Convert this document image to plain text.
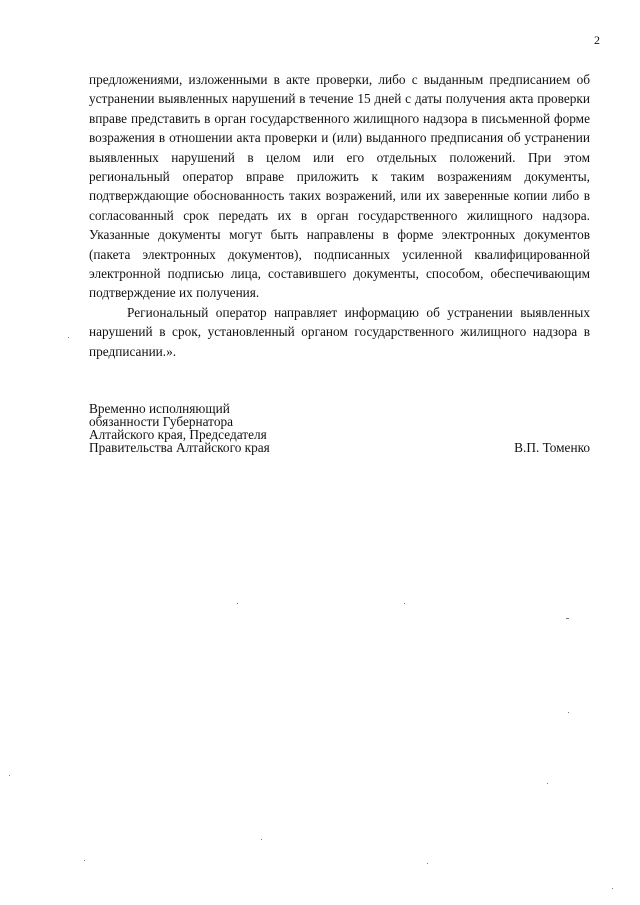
2

предложениями, изложенными в акте проверки, либо с выданным предписанием об устранении выявленных нарушений в течение 15 дней с даты получения акта проверки вправе представить в орган государственного жилищного надзора в письменной форме возражения в отношении акта проверки и (или) выданного предписания об устранении выявленных нарушений в целом или его отдельных положений. При этом региональный оператор вправе приложить к таким возражениям документы, подтверждающие обоснованность таких возражений, или их заверенные копии либо в согласованный срок передать их в орган государственного жилищного надзора. Указанные документы могут быть направлены в форме электронных документов (пакета электронных документов), подписанных усиленной квалифицированной электронной подписью лица, составившего документы, способом, обеспечивающим подтверждение их получения.

Региональный оператор направляет информацию об устранении выявленных нарушений в срок, установленный органом государственного жилищного надзора в предписании.».

Временно исполняющий
обязанности Губернатора
Алтайского края, Председателя
Правительства Алтайского края	В.П. Томенко
